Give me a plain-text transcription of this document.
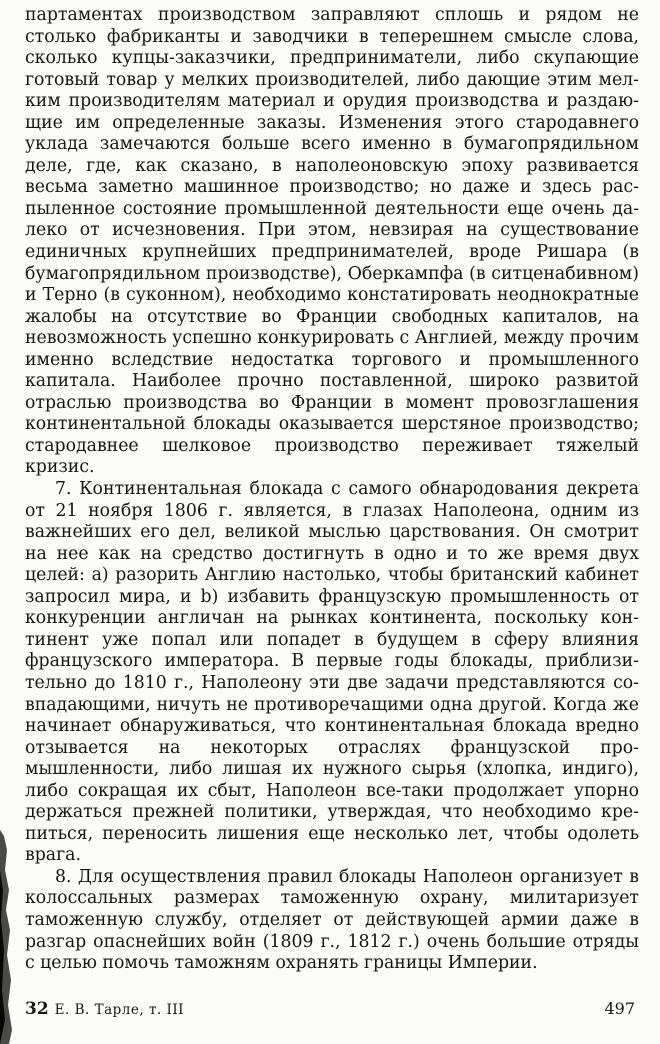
партаментах производством заправляют сплошь и рядом не столько фабриканты и заводчики в теперешнем смысле слова, сколько купцы-заказчики, предприниматели, либо скупающие готовый товар у мелких производителей, либо дающие этим мелким производителям материал и орудия производства и раздающие им определенные заказы. Изменения этого стародавнего уклада замечаются больше всего именно в бумагопрядильном деле, где, как сказано, в наполеоновскую эпоху развивается весьма заметно машинное производство; но даже и здесь распыленное состояние промышленной деятельности еще очень далеко от исчезновения. При этом, невзирая на существование единичных крупнейших предпринимателей, вроде Ришара (в бумагопрядильном производстве), Оберкампфа (в ситценабивном) и Терно (в суконном), необходимо констатировать неоднократные жалобы на отсутствие во Франции свободных капиталов, на невозможность успешно конкурировать с Англией, между прочим именно вследствие недостатка торгового и промышленного капитала. Наиболее прочно поставленной, широко развитой отраслью производства во Франции в момент провозглашения континентальной блокады оказывается шерстяное производство; стародавнее шелковое производство переживает тяжелый кризис.

7. Континентальная блокада с самого обнародования декрета от 21 ноября 1806 г. является, в глазах Наполеона, одним из важнейших его дел, великой мыслью царствования. Он смотрит на нее как на средство достигнуть в одно и то же время двух целей: a) разорить Англию настолько, чтобы британский кабинет запросил мира, и b) избавить французскую промышленность от конкуренции англичан на рынках континента, поскольку континент уже попал или попадет в будущем в сферу влияния французского императора. В первые годы блокады, приблизительно до 1810 г., Наполеону эти две задачи представляются совпадающими, ничуть не противоречащими одна другой. Когда же начинает обнаруживаться, что континентальная блокада вредно отзывается на некоторых отраслях французской промышленности, либо лишая их нужного сырья (хлопка, индиго), либо сокращая их сбыт, Наполеон все-таки продолжает упорно держаться прежней политики, утверждая, что необходимо крепиться, переносить лишения еще несколько лет, чтобы одолеть врага.

8. Для осуществления правил блокады Наполеон организует в колоссальных размерах таможенную охрану, милитаризует таможенную службу, отделяет от действующей армии даже в разгар опаснейших войн (1809 г., 1812 г.) очень большие отряды с целью помочь таможням охранять границы Империи.

32 Е. В. Тарле, т. III	497
